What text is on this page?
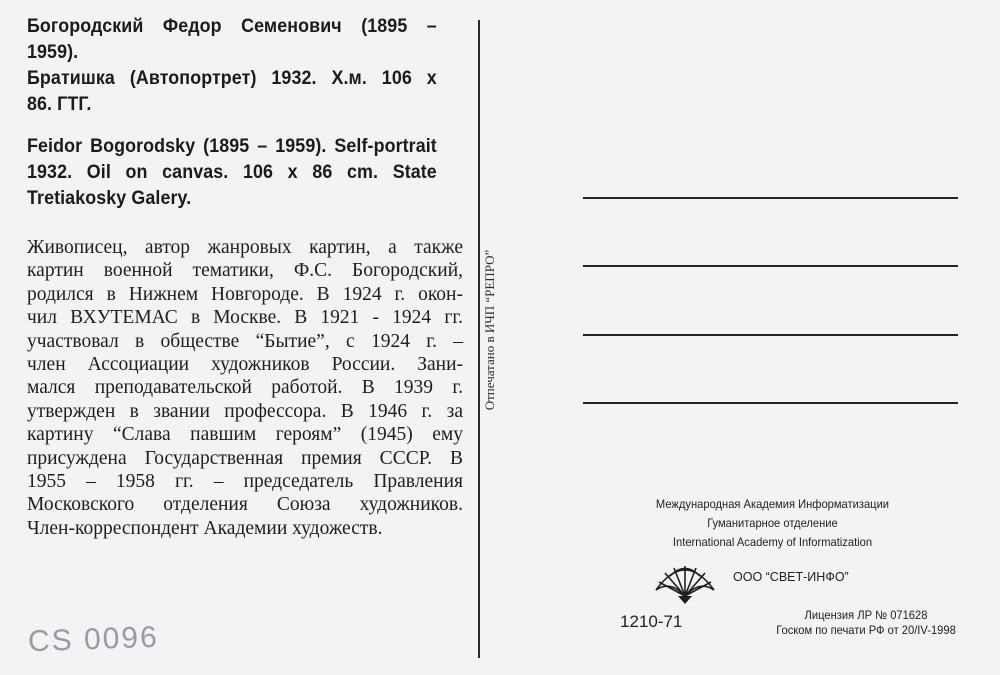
Богородский Федор Семенович (1895 –
1959).
Братишка (Автопортрет) 1932. Х.м. 106 х
86. ГТГ.
Feidor Bogorodsky (1895 – 1959). Self-portrait
1932. Oil on canvas. 106 x 86 cm. State
Tretiakosky Galery.
Живописец, автор жанровых картин, а также
картин военной тематики, Ф.С. Богородский,
родился в Нижнем Новгороде. В 1924 г. окон-
чил ВХУТЕМАС в Москве. В 1921 - 1924 гг.
участвовал в обществе “Бытие”, с 1924 г. –
член Ассоциации художников России. Зани-
мался преподавательской работой. В 1939 г.
утвержден в звании профессора. В 1946 г. за
картину “Слава павшим героям” (1945) ему
присуждена Государственная премия СССР. В
1955 – 1958 гг. – председатель Правления
Московского отделения Союза художников.
Член-корреспондент Академии художеств.
Отпечатано в ИЧП “РЕПРО”
Международная Академия Информатизации
Гуманитарное отделение
International Academy of Informatization
ООО “СВЕТ-ИНФО”
1210-71	Лицензия ЛР № 071628
Госком по печати РФ от 20/IV-1998
CS 0096
